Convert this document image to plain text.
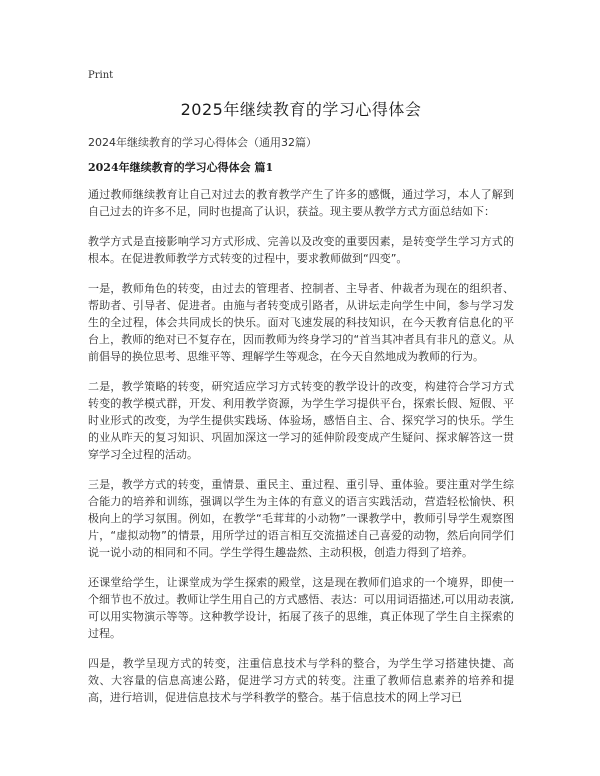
Print
2025年继续教育的学习心得体会

2024年继续教育的学习心得体会（通用32篇）

2024年继续教育的学习心得体会 篇1

通过教师继续教育让自己对过去的教育教学产生了许多的感慨，通过学习，本人了解到自己过去的许多不足，同时也提高了认识，获益。现主要从教学方式方面总结如下：

教学方式是直接影响学习方式形成、完善以及改变的重要因素，是转变学生学习方式的根本。在促进教师教学方式转变的过程中，要求教师做到“四变”。

一是，教师角色的转变，由过去的管理者、控制者、主导者、仲裁者为现在的组织者、帮助者、引导者、促进者。由施与者转变成引路者，从讲坛走向学生中间，参与学习发生的全过程，体会共同成长的快乐。面对飞速发展的科技知识，在今天教育信息化的平台上，教师的绝对已不复存在，因而教师为终身学习的“首当其冲者具有非凡的意义。从前倡导的换位思考、思维平等、理解学生等观念，在今天自然地成为教师的行为。

二是，教学策略的转变，研究适应学习方式转变的教学设计的改变，构建符合学习方式转变的教学模式群，开发、利用教学资源，为学生学习提供平台，探索长假、短假、平时业形式的改变，为学生提供实践场、体验场，感悟自主、合、探究学习的快乐。学生的业从昨天的复习知识、巩固加深这一学习的延伸阶段变成产生疑问、探求解答这一贯穿学习全过程的活动。

三是，教学方式的转变，重情景、重民主、重过程、重引导、重体验。要注重对学生综合能力的培养和训练，强调以学生为主体的有意义的语言实践活动，营造轻松愉快、积极向上的学习氛围。例如，在教学“毛茸茸的小动物”一课教学中，教师引导学生观察图片，“虚拟动物”的情景，用所学过的语言相互交流描述自己喜爱的动物，然后向同学们说一说小动的相同和不同。学生学得生趣盎然、主动积极，创造力得到了培养。

还课堂给学生，让课堂成为学生探索的殿堂，这是现在教师们追求的一个境界，即使一个细节也不放过。教师让学生用自己的方式感悟、表达：可以用词语描述,可以用动表演,可以用实物演示等等。这种教学设计，拓展了孩子的思维，真正体现了学生自主探索的过程。

四是，教学呈现方式的转变，注重信息技术与学科的整合，为学生学习搭建快捷、高效、大容量的信息高速公路，促进学习方式的转变。注重了教师信息素养的培养和提高，进行培训，促进信息技术与学科教学的整合。基于信息技术的网上学习已
